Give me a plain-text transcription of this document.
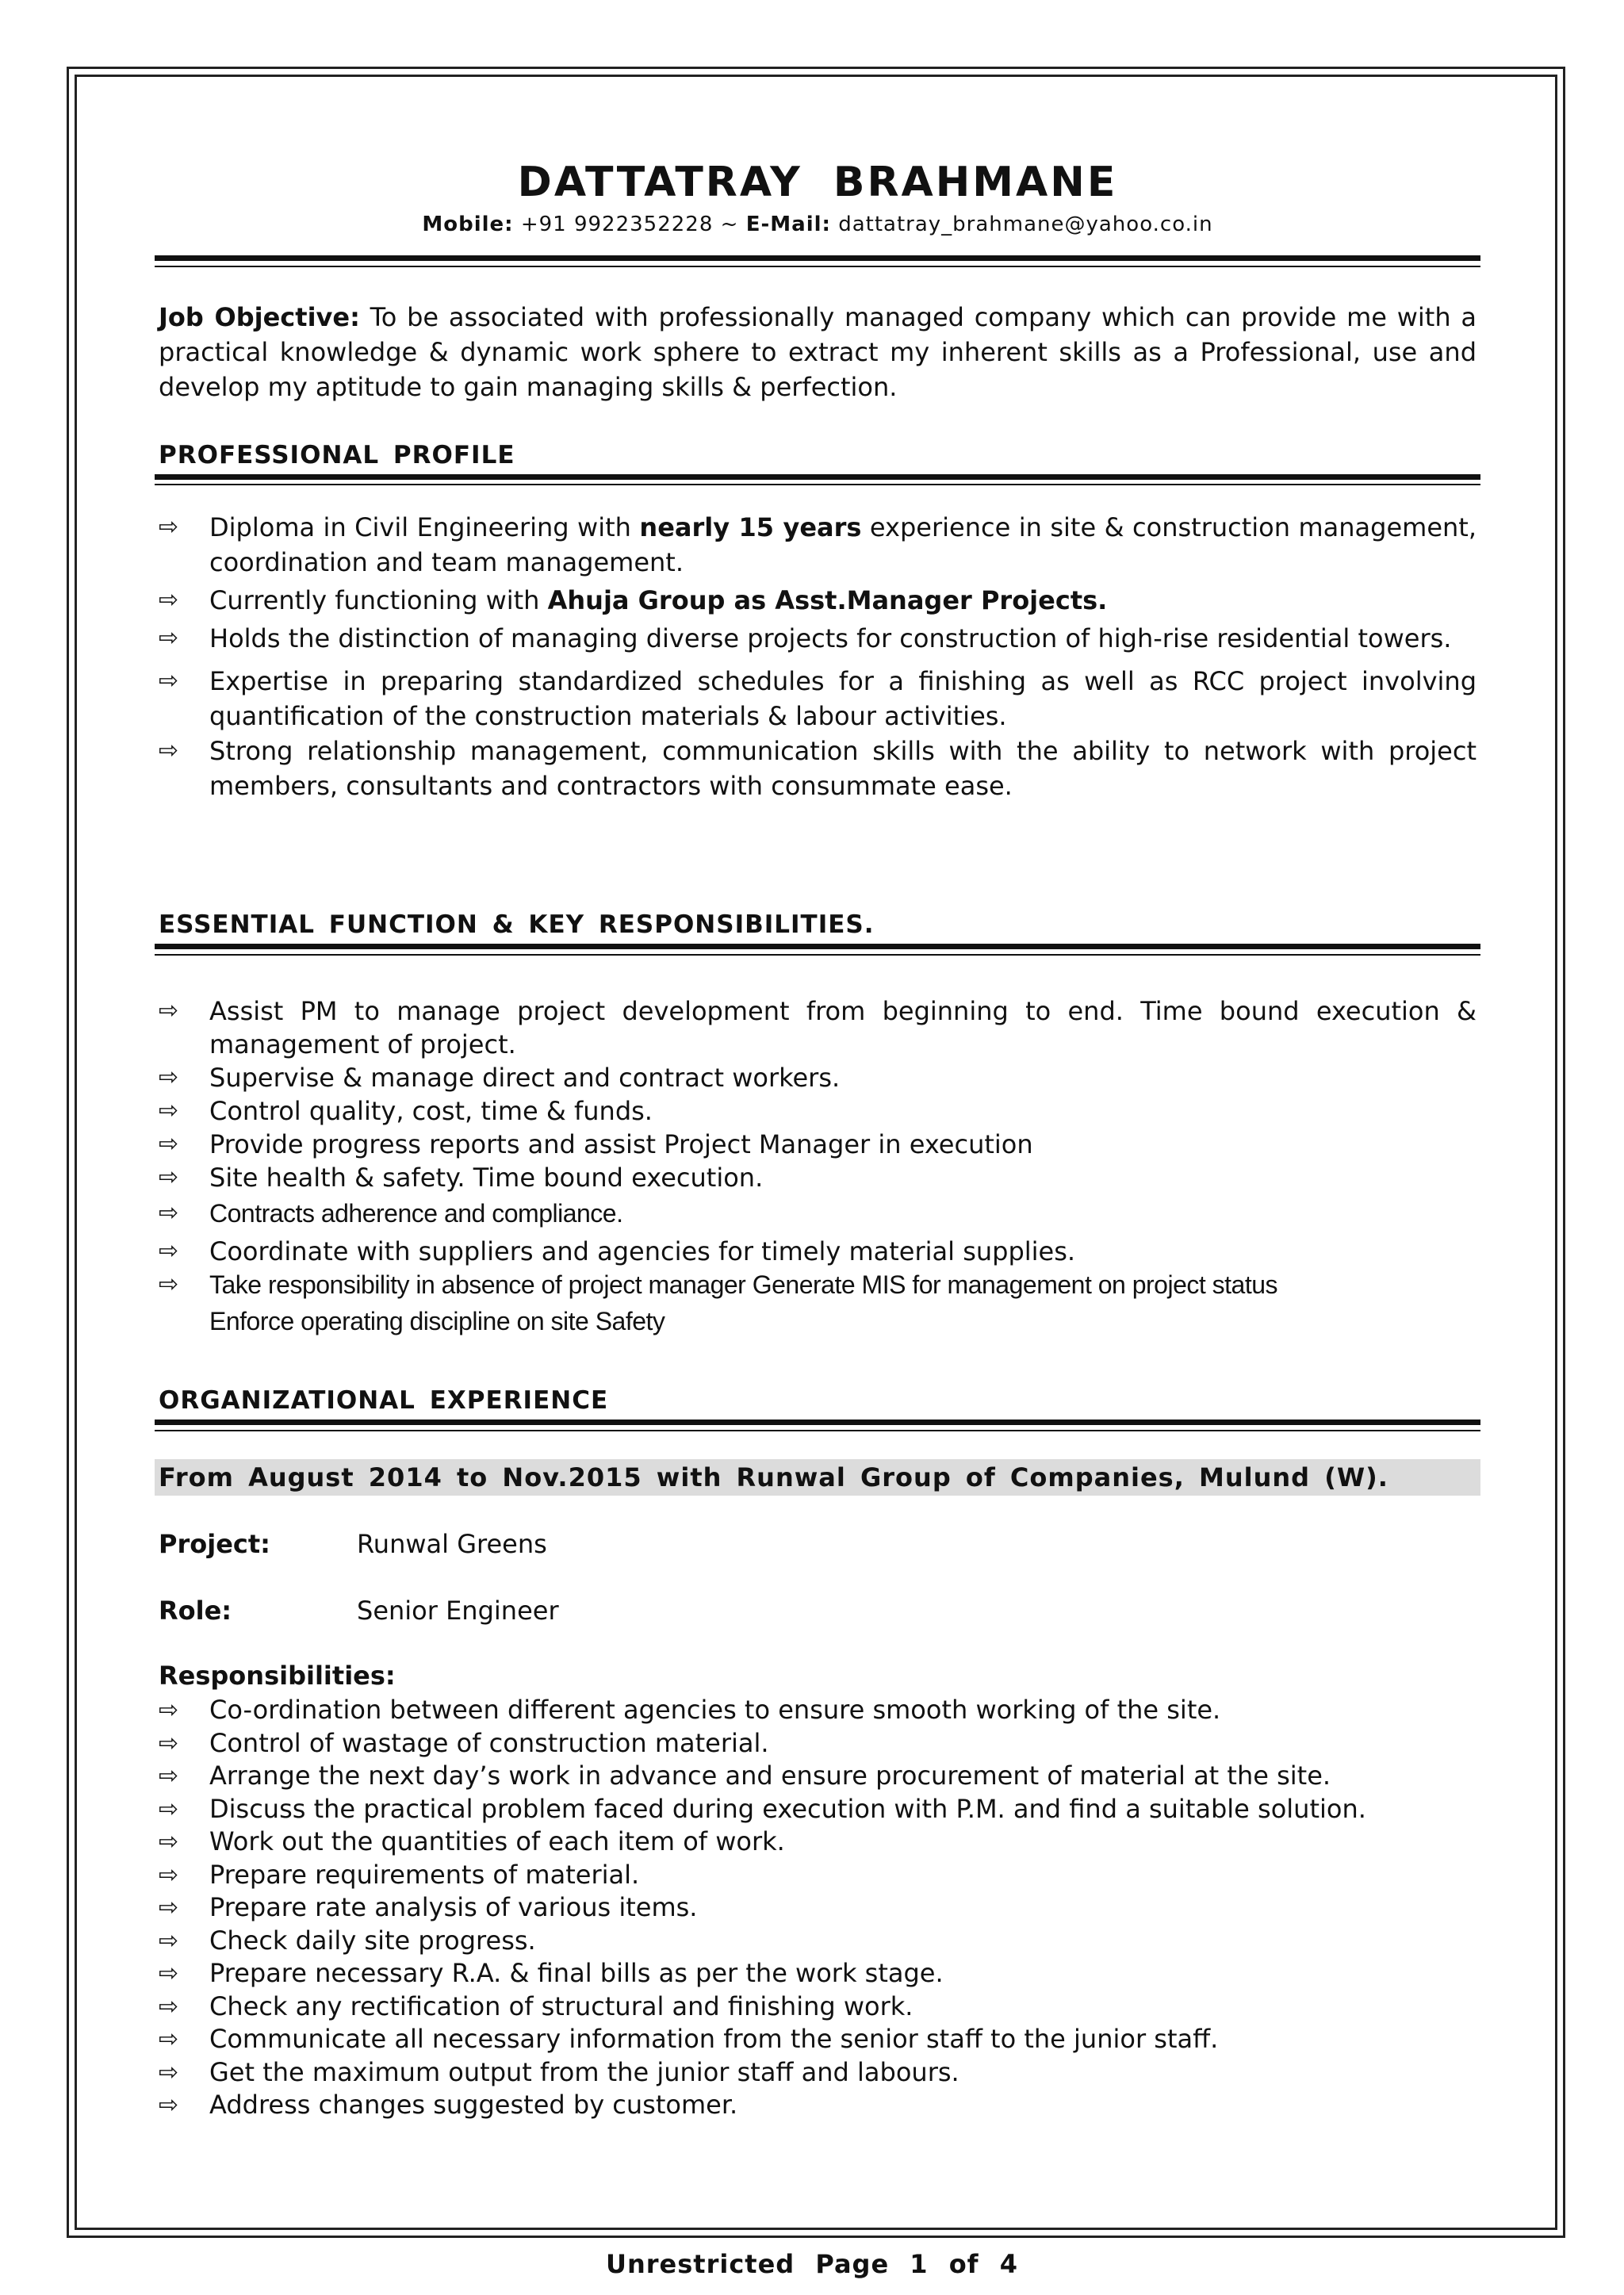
DATTATRAY BRAHMANE
Mobile: +91 9922352228 ~ E-Mail: dattatray_brahmane@yahoo.co.in
Job Objective: To be associated with professionally managed company which can provide me with a practical knowledge & dynamic work sphere to extract my inherent skills as a Professional, use and develop my aptitude to gain managing skills & perfection.
PROFESSIONAL PROFILE
⇨	Diploma in Civil Engineering with nearly 15 years experience in site & construction management, coordination and team management.
⇨	Currently functioning with Ahuja Group as Asst.Manager Projects.
⇨	Holds the distinction of managing diverse projects for construction of high-rise residential towers.
⇨	Expertise in preparing standardized schedules for a finishing as well as RCC project involving quantification of the construction materials & labour activities.
⇨	Strong relationship management, communication skills with the ability to network with project members, consultants and contractors with consummate ease.
ESSENTIAL FUNCTION & KEY RESPONSIBILITIES.
⇨	Assist PM to manage project development from beginning to end. Time bound execution & management of project.
⇨	Supervise & manage direct and contract workers.
⇨	Control quality, cost, time & funds.
⇨	Provide progress reports and assist Project Manager in execution
⇨	Site health & safety. Time bound execution.
⇨	Contracts adherence and compliance.
⇨	Coordinate with suppliers and agencies for timely material supplies.
⇨	Take responsibility in absence of project manager Generate MIS for management on project status
Enforce operating discipline on site Safety
ORGANIZATIONAL EXPERIENCE
From August 2014 to Nov.2015 with Runwal Group of Companies, Mulund (W).
Project:	Runwal Greens
Role:	Senior Engineer
Responsibilities:
⇨	Co-ordination between different agencies to ensure smooth working of the site.
⇨	Control of wastage of construction material.
⇨	Arrange the next day’s work in advance and ensure procurement of material at the site.
⇨	Discuss the practical problem faced during execution with P.M. and find a suitable solution.
⇨	Work out the quantities of each item of work.
⇨	Prepare requirements of material.
⇨	Prepare rate analysis of various items.
⇨	Check daily site progress.
⇨	Prepare necessary R.A. & final bills as per the work stage.
⇨	Check any rectification of structural and finishing work.
⇨	Communicate all necessary information from the senior staff to the junior staff.
⇨	Get the maximum output from the junior staff and labours.
⇨	Address changes suggested by customer.
Unrestricted Page 1 of 4
